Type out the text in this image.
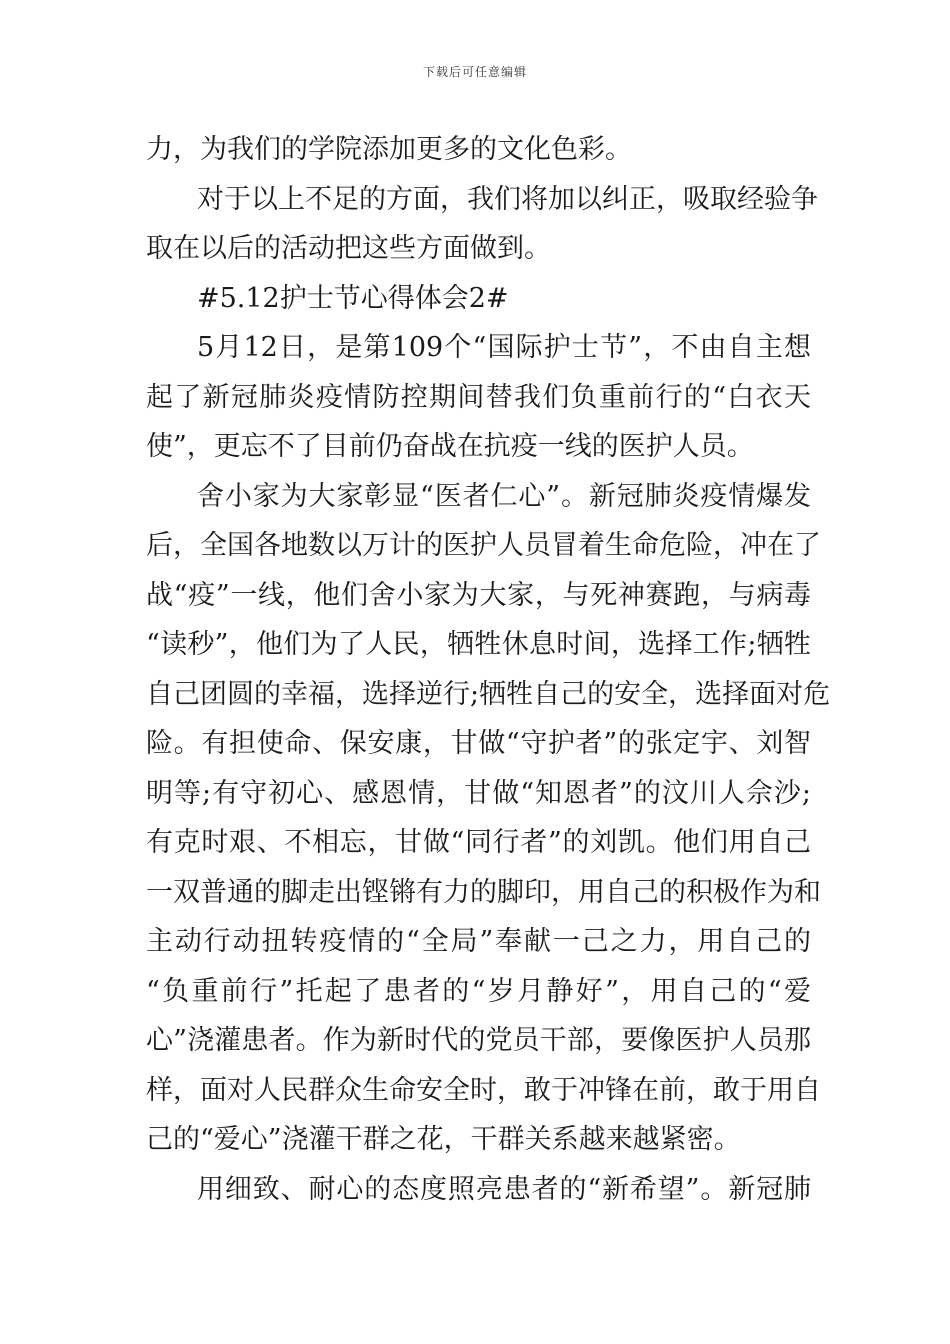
下载后可任意编辑
力，为我们的学院添加更多的文化色彩。
对于以上不足的方面，我们将加以纠正，吸取经验争
取在以后的活动把这些方面做到。
#5.12护士节心得体会2#
5月12日，是第109个“国际护士节”，不由自主想
起了新冠肺炎疫情防控期间替我们负重前行的“白衣天
使”，更忘不了目前仍奋战在抗疫一线的医护人员。
舍小家为大家彰显“医者仁心”。新冠肺炎疫情爆发
后，全国各地数以万计的医护人员冒着生命危险，冲在了
战“疫”一线，他们舍小家为大家，与死神赛跑，与病毒
“读秒”，他们为了人民，牺牲休息时间，选择工作;牺牲
自己团圆的幸福，选择逆行;牺牲自己的安全，选择面对危
险。有担使命、保安康，甘做“守护者”的张定宇、刘智
明等;有守初心、感恩情，甘做“知恩者”的汶川人佘沙;
有克时艰、不相忘，甘做“同行者”的刘凯。他们用自己
一双普通的脚走出铿锵有力的脚印，用自己的积极作为和
主动行动扭转疫情的“全局”奉献一己之力，用自己的
“负重前行”托起了患者的“岁月静好”，用自己的“爱
心”浇灌患者。作为新时代的党员干部，要像医护人员那
样，面对人民群众生命安全时，敢于冲锋在前，敢于用自
己的“爱心”浇灌干群之花，干群关系越来越紧密。
用细致、耐心的态度照亮患者的“新希望”。新冠肺
